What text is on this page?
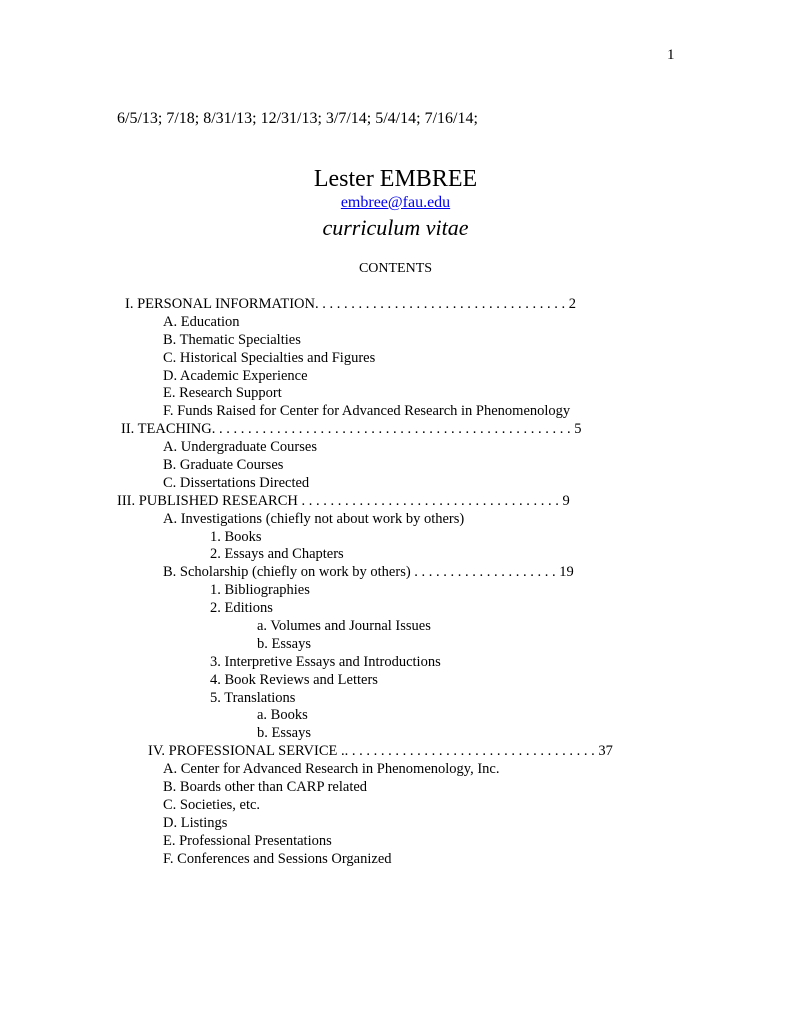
1
6/5/13; 7/18; 8/31/13; 12/31/13; 3/7/14; 5/4/14; 7/16/14;
Lester EMBREE
embree@fau.edu
curriculum vitae
CONTENTS
I. PERSONAL INFORMATION. . . . . . . . . . . . . . . . . . . . . . . . . . . . . . . . . . . 2
A. Education
B. Thematic Specialties
C. Historical Specialties and Figures
D. Academic Experience
E. Research Support
F. Funds Raised for Center for Advanced Research in Phenomenology
II. TEACHING. . . . . . . . . . . . . . . . . . . . . . . . . . . . . . . . . . . . . . . . . . . . . . . . . . 5
A. Undergraduate Courses
B. Graduate Courses
C. Dissertations Directed
III. PUBLISHED RESEARCH . . . . . . . . . . . . . . . . . . . . . . . . . . . . . . . . . . . . 9
A. Investigations (chiefly not about work by others)
1. Books
2. Essays and Chapters
B. Scholarship (chiefly on work by others) . . . . . . . . . . . . . . . . . . . . 19
1. Bibliographies
2. Editions
a. Volumes and Journal Issues
b. Essays
3. Interpretive Essays and Introductions
4. Book Reviews and Letters
5. Translations
a. Books
b. Essays
IV. PROFESSIONAL SERVICE .. . . . . . . . . . . . . . . . . . . . . . . . . . . . . . . . . . . 37
A. Center for Advanced Research in Phenomenology, Inc.
B. Boards other than CARP related
C. Societies, etc.
D. Listings
E. Professional Presentations
F. Conferences and Sessions Organized
